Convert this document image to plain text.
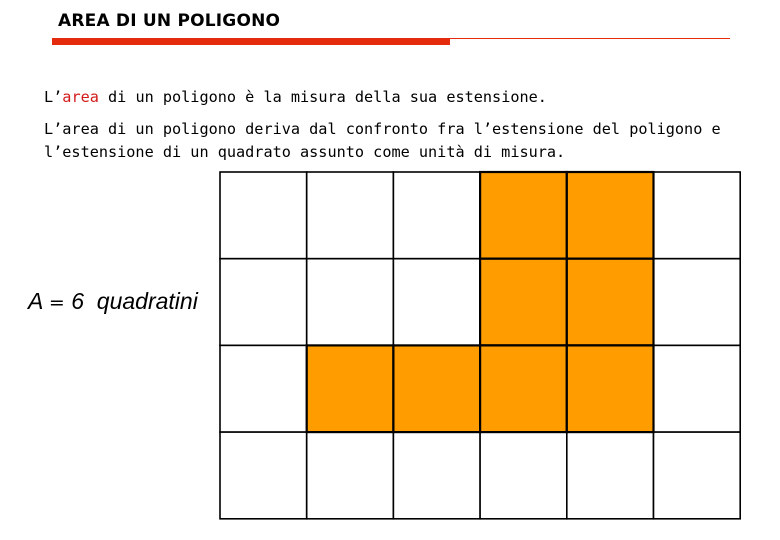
AREA DI UN POLIGONO
L’area di un poligono è la misura della sua estensione.
L’area di un poligono deriva dal confronto fra l’estensione del poligono e
l’estensione di un quadrato assunto come unità di misura.
A = 6 quadratini
